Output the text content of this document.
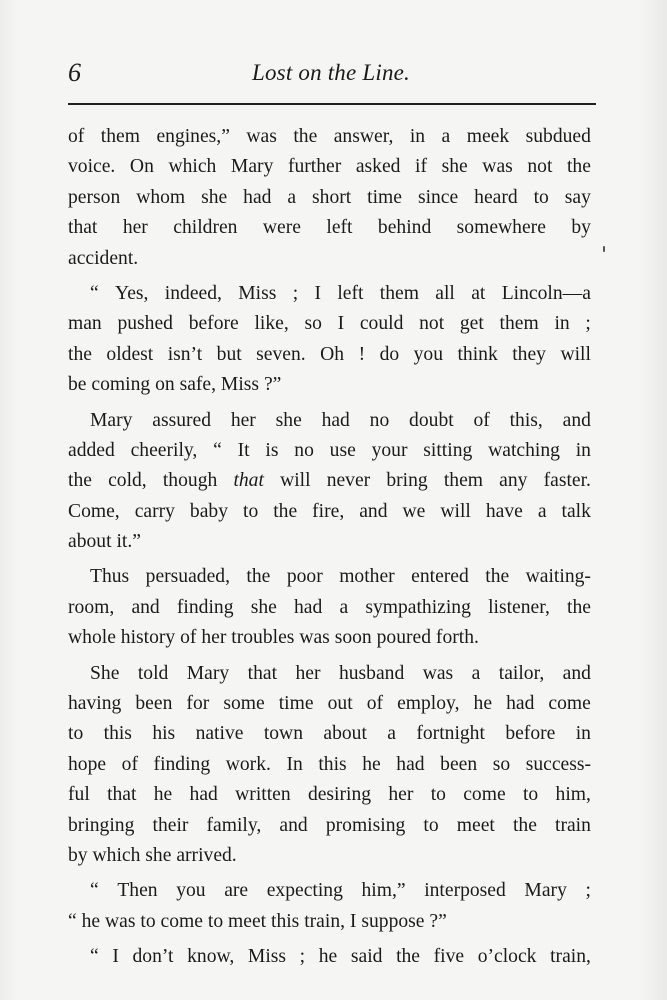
6	Lost on the Line.
of them engines,” was the answer, in a meek subdued
voice. On which Mary further asked if she was not the
person whom she had a short time since heard to say
that her children were left behind somewhere by
accident.
“ Yes, indeed, Miss ; I left them all at Lincoln—a
man pushed before like, so I could not get them in ;
the oldest isn’t but seven. Oh ! do you think they will
be coming on safe, Miss ?”
Mary assured her she had no doubt of this, and
added cheerily, “ It is no use your sitting watching in
the cold, though that will never bring them any faster.
Come, carry baby to the fire, and we will have a talk
about it.”
Thus persuaded, the poor mother entered the waiting-
room, and finding she had a sympathizing listener, the
whole history of her troubles was soon poured forth.
She told Mary that her husband was a tailor, and
having been for some time out of employ, he had come
to this his native town about a fortnight before in
hope of finding work. In this he had been so success-
ful that he had written desiring her to come to him,
bringing their family, and promising to meet the train
by which she arrived.
“ Then you are expecting him,” interposed Mary ;
“ he was to come to meet this train, I suppose ?”
“ I don’t know, Miss ; he said the five o’clock train,
